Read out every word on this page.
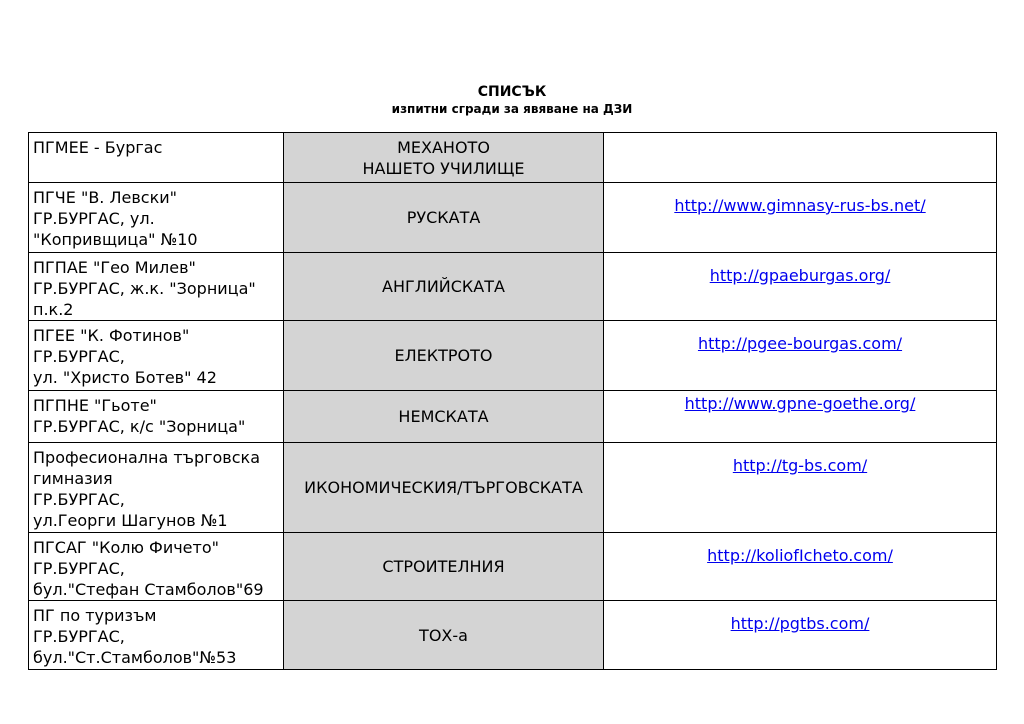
СПИСЪК
изпитни сгради за явяване на ДЗИ
ПГМЕЕ - Бургас	МЕХАНОТО
НАШЕТО УЧИЛИЩЕ	

ПГЧЕ "В. Левски"
ГР.БУРГАС, ул.
"Копривщица" №10	РУСКАТА	http://www.gimnasy-rus-bs.net/

ПГПАЕ "Гео Милев"
ГР.БУРГАС, ж.к. "Зорница"
п.к.2	АНГЛИЙСКАТА	http://gpaeburgas.org/

ПГЕЕ "К. Фотинов"
ГР.БУРГАС,
ул. "Христо Ботев" 42	ЕЛЕКТРОТО	http://pgee-bourgas.com/

ПГПНЕ "Гьоте"
ГР.БУРГАС, к/с "Зорница"	НЕМСКАТА	http://www.gpne-goethe.org/

Професионална търговска
гимназия
ГР.БУРГАС,
ул.Георги Шагунов №1	ИКОНОМИЧЕСКИЯ/ТЪРГОВСКАТА	http://tg-bs.com/

ПГСАГ "Колю Фичето"
ГР.БУРГАС,
бул."Стефан Стамболов"69	СТРОИТЕЛНИЯ	http://koliofIcheto.com/

ПГ по туризъм
ГР.БУРГАС,
бул."Ст.Стамболов"№53	ТОХ-а	http://pgtbs.com/
